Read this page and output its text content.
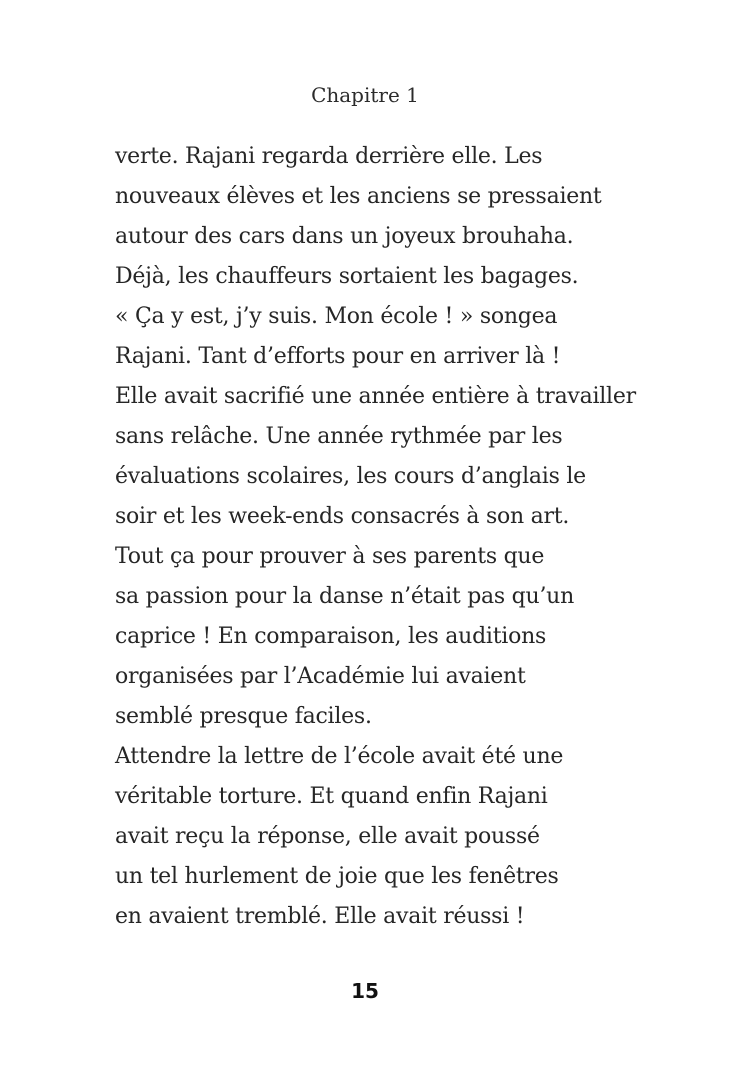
Chapitre 1
verte. Rajani regarda derrière elle. Les
nouveaux élèves et les anciens se pressaient
autour des cars dans un joyeux brouhaha.
Déjà, les chauffeurs sortaient les bagages.
« Ça y est, j’y suis. Mon école ! » songea
Rajani. Tant d’efforts pour en arriver là !
Elle avait sacrifié une année entière à travailler
sans relâche. Une année rythmée par les
évaluations scolaires, les cours d’anglais le
soir et les week-ends consacrés à son art.
Tout ça pour prouver à ses parents que
sa passion pour la danse n’était pas qu’un
caprice ! En comparaison, les auditions
organisées par l’Académie lui avaient
semblé presque faciles.
Attendre la lettre de l’école avait été une
véritable torture. Et quand enfin Rajani
avait reçu la réponse, elle avait poussé
un tel hurlement de joie que les fenêtres
en avaient tremblé. Elle avait réussi !
15
